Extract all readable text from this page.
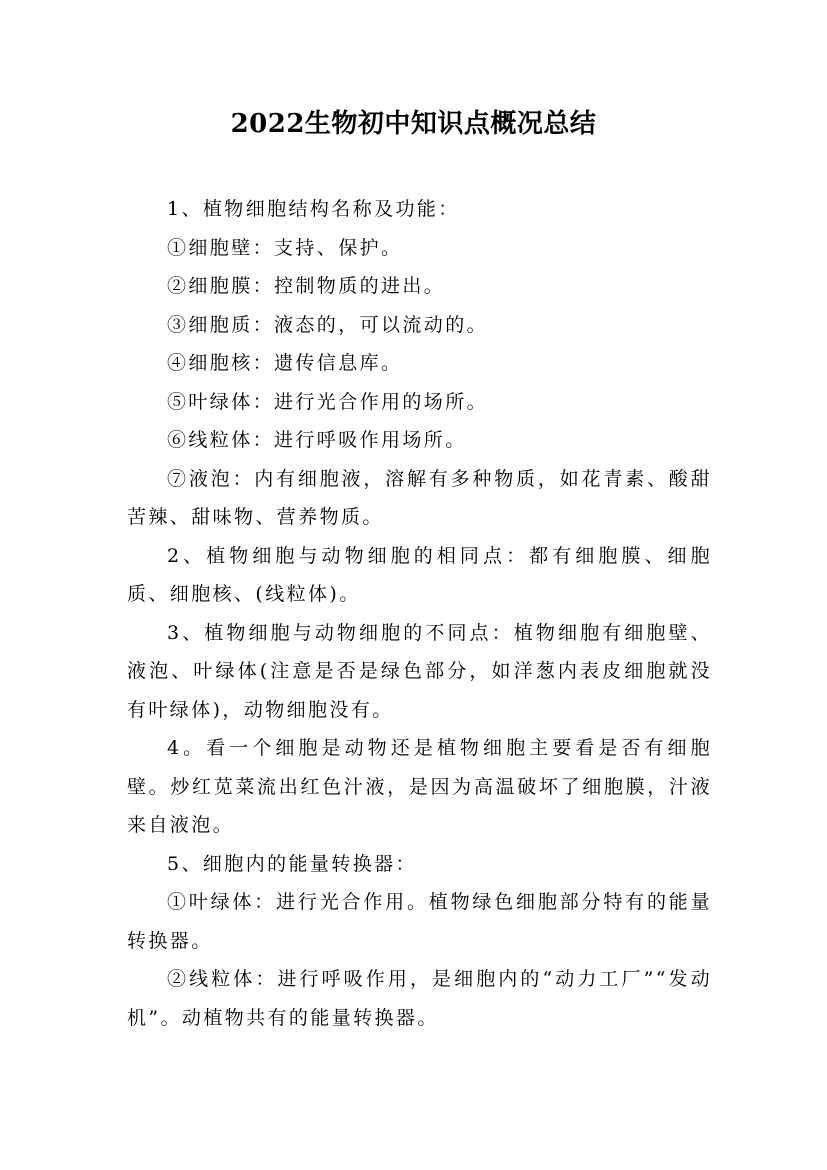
2022生物初中知识点概况总结

1、植物细胞结构名称及功能：

①细胞壁：支持、保护。

②细胞膜：控制物质的进出。

③细胞质：液态的，可以流动的。

④细胞核：遗传信息库。

⑤叶绿体：进行光合作用的场所。

⑥线粒体：进行呼吸作用场所。

⑦液泡：内有细胞液，溶解有多种物质，如花青素、酸甜苦辣、甜味物、营养物质。

2、植物细胞与动物细胞的相同点：都有细胞膜、细胞质、细胞核、(线粒体)。

3、植物细胞与动物细胞的不同点：植物细胞有细胞壁、液泡、叶绿体(注意是否是绿色部分，如洋葱内表皮细胞就没有叶绿体)，动物细胞没有。

4。看一个细胞是动物还是植物细胞主要看是否有细胞壁。炒红苋菜流出红色汁液，是因为高温破坏了细胞膜，汁液来自液泡。

5、细胞内的能量转换器：

①叶绿体：进行光合作用。植物绿色细胞部分特有的能量转换器。

②线粒体：进行呼吸作用，是细胞内的“动力工厂”“发动机”。动植物共有的能量转换器。
